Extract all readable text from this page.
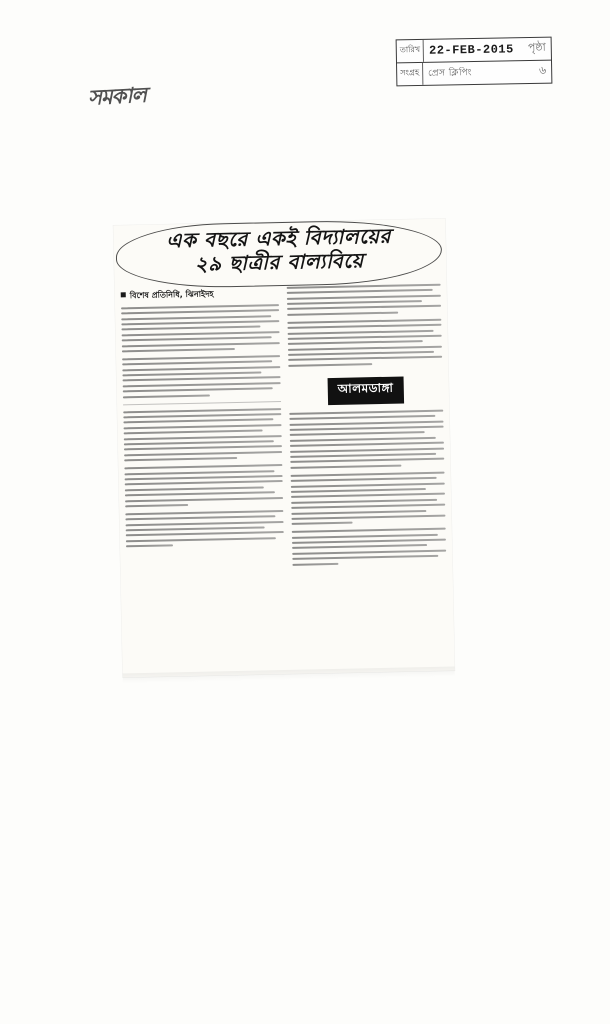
সমকাল
তারিখ 22-FEB-2015 পৃষ্ঠা
সংগ্রহ প্রেস ক্লিপিং	৬
এক বছরে একই বিদ্যালয়ের
২৯ ছাত্রীর বাল্যবিয়ে
বিশেষ প্রতিনিধি, ঝিনাইদহ
আলমডাঙ্গা
